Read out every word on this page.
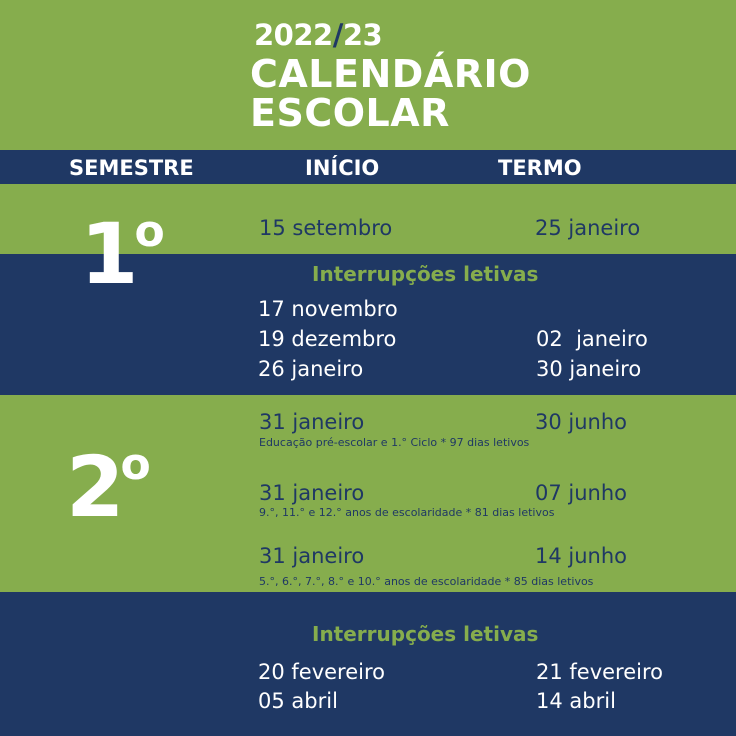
2022/23
CALENDÁRIO
ESCOLAR
SEMESTRE	INÍCIO	TERMO
1$^o$	15 setembro	25 janeiro
Interrupções letivas
17 novembro
19 dezembro	02  janeiro
26 janeiro	30 janeiro
2$^o$
31 janeiro	30 junho
Educação pré-escolar e 1.° Ciclo * 97 dias letivos
31 janeiro	07 junho
9.°, 11.° e 12.° anos de escolaridade * 81 dias letivos
31 janeiro	14 junho
5.°, 6.°, 7.°, 8.° e 10.° anos de escolaridade * 85 dias letivos
Interrupções letivas
20 fevereiro	21 fevereiro
05 abril	14 abril
